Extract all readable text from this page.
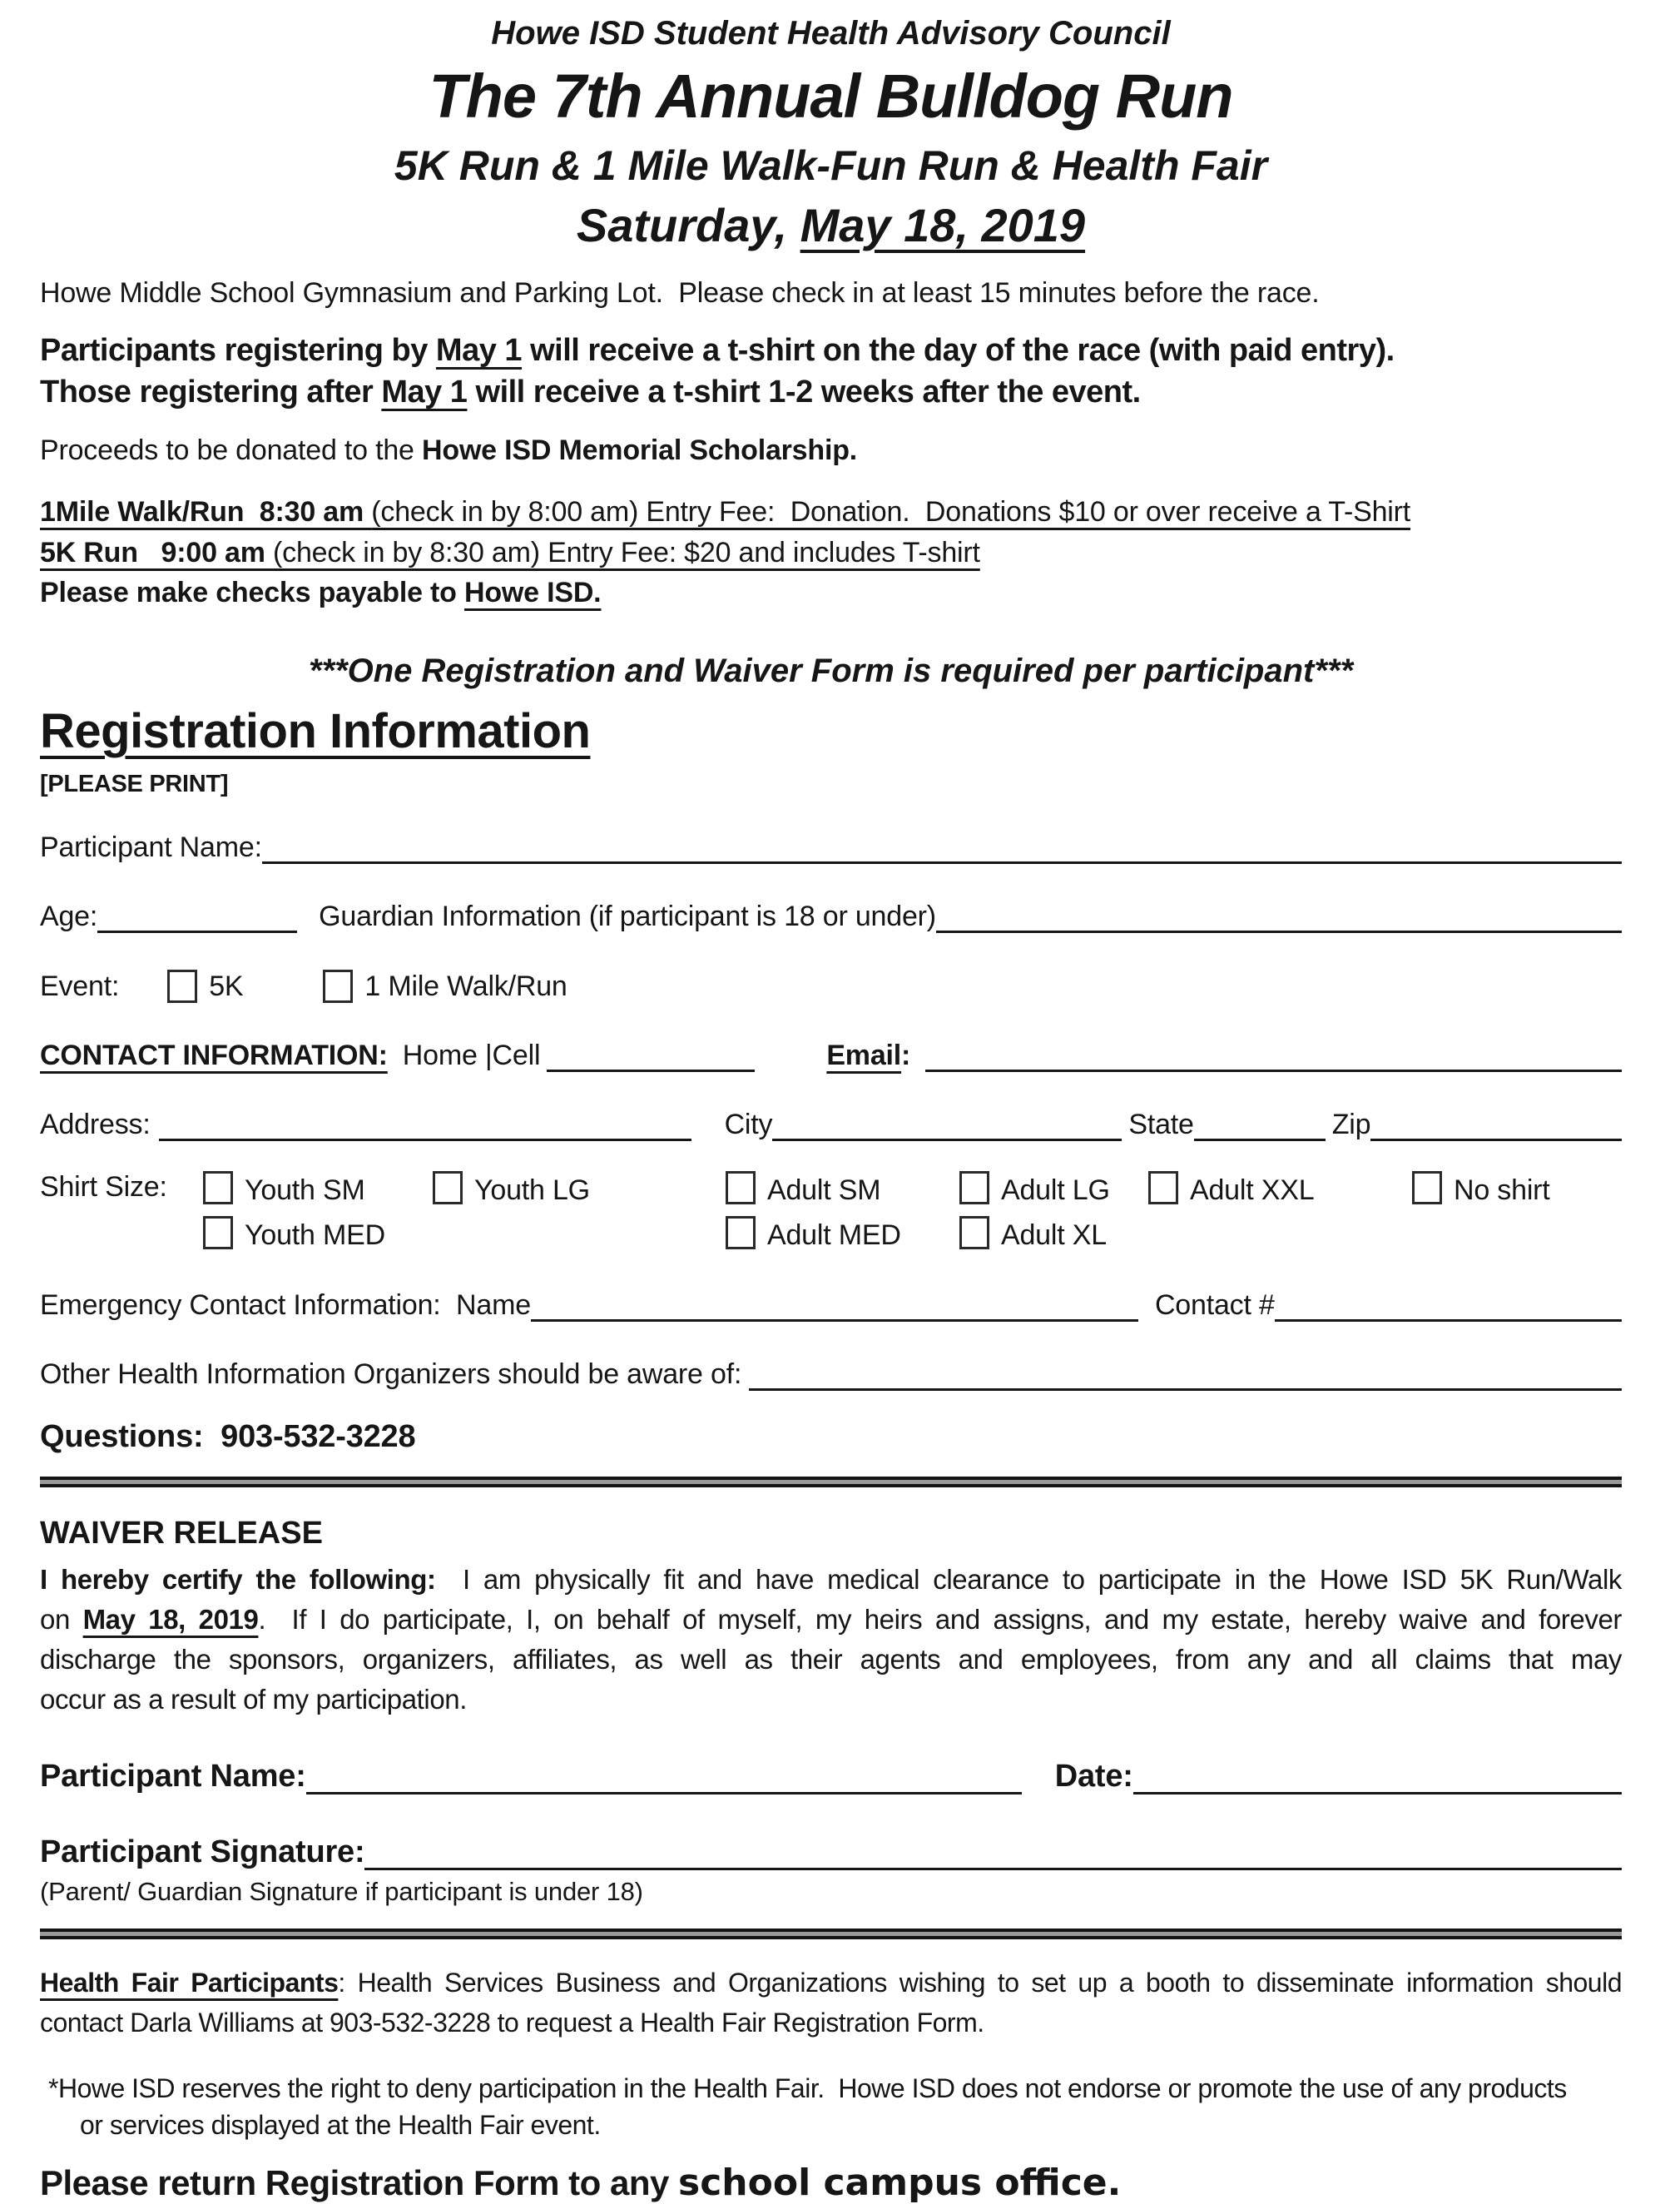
Howe ISD Student Health Advisory Council
The 7th Annual Bulldog Run
5K Run & 1 Mile Walk-Fun Run & Health Fair
Saturday, May 18, 2019
Howe Middle School Gymnasium and Parking Lot.  Please check in at least 15 minutes before the race.
Participants registering by May 1 will receive a t-shirt on the day of the race (with paid entry).
Those registering after May 1 will receive a t-shirt 1-2 weeks after the event.
Proceeds to be donated to the Howe ISD Memorial Scholarship.
1Mile Walk/Run  8:30 am (check in by 8:00 am) Entry Fee:  Donation.  Donations $10 or over receive a T-Shirt
5K Run   9:00 am (check in by 8:30 am) Entry Fee: $20 and includes T-shirt
Please make checks payable to Howe ISD.
***One Registration and Waiver Form is required per participant***
Registration Information
[PLEASE PRINT]
Participant Name:
Age:	Guardian Information (if participant is 18 or under)
Event:	5K	1 Mile Walk/Run
CONTACT INFORMATION: Home |Cell	Email :
Address:	City	State	Zip
Shirt Size:	Youth SM	Youth LG	Adult SM	Adult LG	Adult XXL	No shirt
Youth MED	Adult MED	Adult XL
Emergency Contact Information:  Name	Contact #
Other Health Information Organizers should be aware of:
Questions:  903-532-3228
WAIVER RELEASE
I hereby certify the following:  I am physically fit and have medical clearance to participate in the Howe ISD 5K Run/Walk
on May 18, 2019.  If I do participate, I, on behalf of myself, my heirs and assigns, and my estate, hereby waive and forever
discharge the sponsors, organizers, affiliates, as well as their agents and employees, from any and all claims that may
occur as a result of my participation.
Participant Name:	Date:
Participant Signature:
(Parent/ Guardian Signature if participant is under 18)
Health Fair Participants: Health Services Business and Organizations wishing to set up a booth to disseminate information should
contact Darla Williams at 903-532-3228 to request a Health Fair Registration Form.
*Howe ISD reserves the right to deny participation in the Health Fair.  Howe ISD does not endorse or promote the use of any products
or services displayed at the Health Fair event.
Please return Registration Form to any school campus office.
